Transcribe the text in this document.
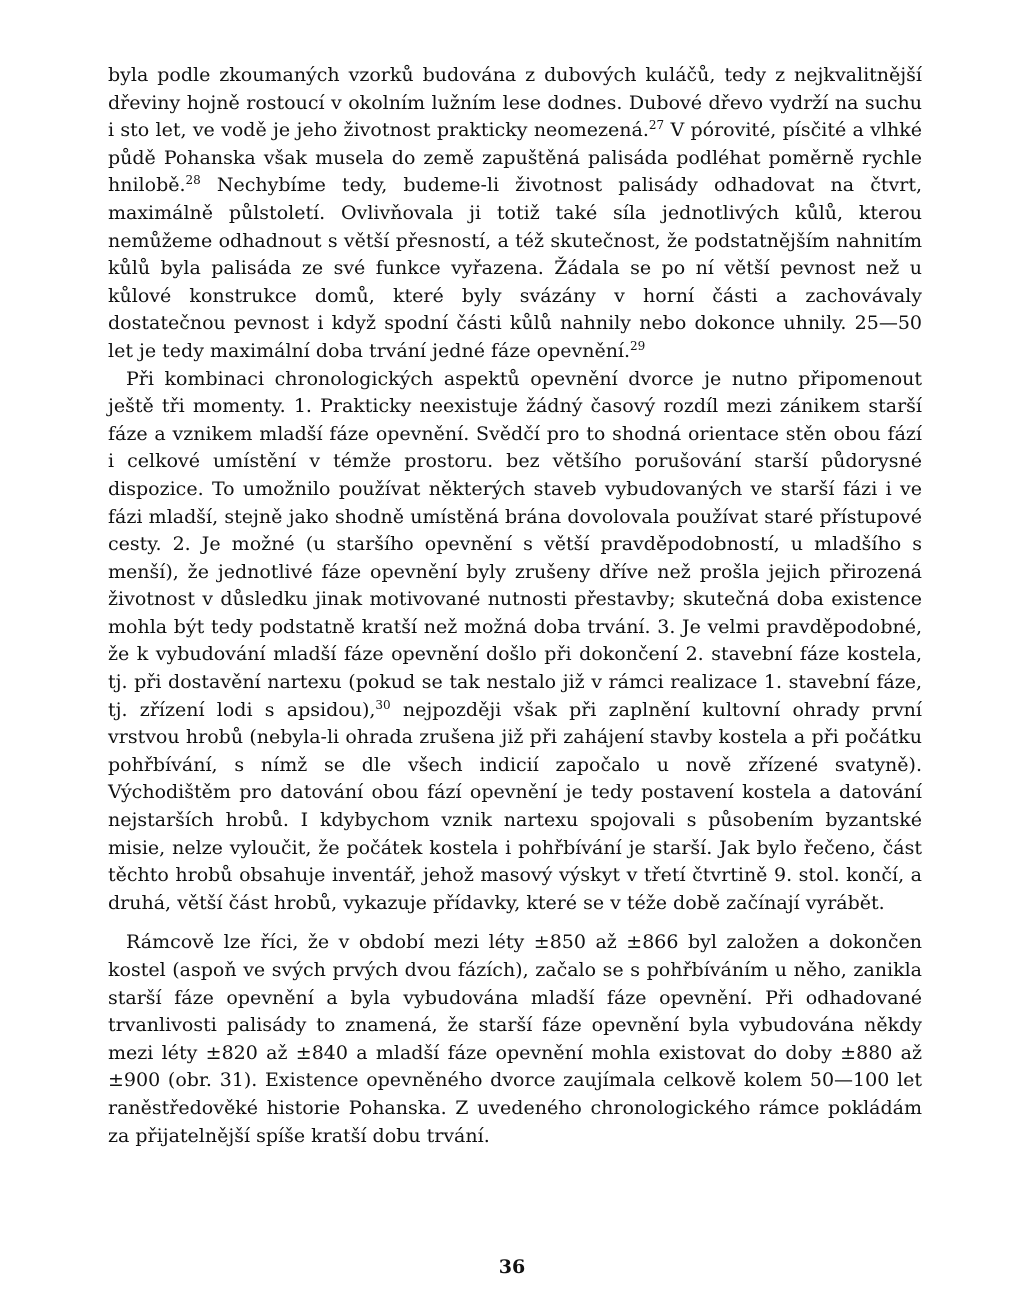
byla podle zkoumaných vzorků budována z dubových kuláčů, tedy z nejkvalitnější dřeviny hojně rostoucí v okolním lužním lese dodnes. Dubové dřevo vydrží na suchu i sto let, ve vodě je jeho životnost prakticky neomezená.$^{27}$ V pórovité, písčité a vlhké půdě Pohanska však musela do země zapuštěná palisáda podléhat poměrně rychle hnilobě.$^{28}$ Nechybíme tedy, budeme-li životnost palisády odhadovat na čtvrt, maximálně půlstoletí. Ovlivňovala ji totiž také síla jednotlivých kůlů, kterou nemůžeme odhadnout s větší přesností, a též skutečnost, že podstatnějším nahnitím kůlů byla palisáda ze své funkce vyřazena. Žádala se po ní větší pevnost než u kůlové konstrukce domů, které byly svázány v horní části a zachovávaly dostatečnou pevnost i když spodní části kůlů nahnily nebo dokonce uhnily. 25—50 let je tedy maximální doba trvání jedné fáze opevnění.$^{29}$

Při kombinaci chronologických aspektů opevnění dvorce je nutno připomenout ještě tři momenty. 1. Prakticky neexistuje žádný časový rozdíl mezi zánikem starší fáze a vznikem mladší fáze opevnění. Svědčí pro to shodná orientace stěn obou fází i celkové umístění v témže prostoru. bez většího porušování starší půdorysné dispozice. To umožnilo používat některých staveb vybudovaných ve starší fázi i ve fázi mladší, stejně jako shodně umístěná brána dovolovala používat staré přístupové cesty. 2. Je možné (u staršího opevnění s větší pravděpodobností, u mladšího s menší), že jednotlivé fáze opevnění byly zrušeny dříve než prošla jejich přirozená životnost v důsledku jinak motivované nutnosti přestavby; skutečná doba existence mohla být tedy podstatně kratší než možná doba trvání. 3. Je velmi pravděpodobné, že k vybudování mladší fáze opevnění došlo při dokončení 2. stavební fáze kostela, tj. při dostavění nartexu (pokud se tak nestalo již v rámci realizace 1. stavební fáze, tj. zřízení lodi s apsidou),$^{30}$ nejpozději však při zaplnění kultovní ohrady první vrstvou hrobů (nebyla-li ohrada zrušena již při zahájení stavby kostela a při počátku pohřbívání, s nímž se dle všech indicií započalo u nově zřízené svatyně). Východištěm pro datování obou fází opevnění je tedy postavení kostela a datování nejstarších hrobů. I kdybychom vznik nartexu spojovali s působením byzantské misie, nelze vyloučit, že počátek kostela i pohřbívání je starší. Jak bylo řečeno, část těchto hrobů obsahuje inventář, jehož masový výskyt v třetí čtvrtině 9. stol. končí, a druhá, větší část hrobů, vykazuje přídavky, které se v téže době začínají vyrábět.

Rámcově lze říci, že v období mezi léty ±850 až ±866 byl založen a dokončen kostel (aspoň ve svých prvých dvou fázích), začalo se s pohřbíváním u něho, zanikla starší fáze opevnění a byla vybudována mladší fáze opevnění. Při odhadované trvanlivosti palisády to znamená, že starší fáze opevnění byla vybudována někdy mezi léty ±820 až ±840 a mladší fáze opevnění mohla existovat do doby ±880 až ±900 (obr. 31). Existence opevněného dvorce zaujímala celkově kolem 50—100 let raněstředověké historie Pohanska. Z uvedeného chronologického rámce pokládám za přijatelnější spíše kratší dobu trvání.

36
